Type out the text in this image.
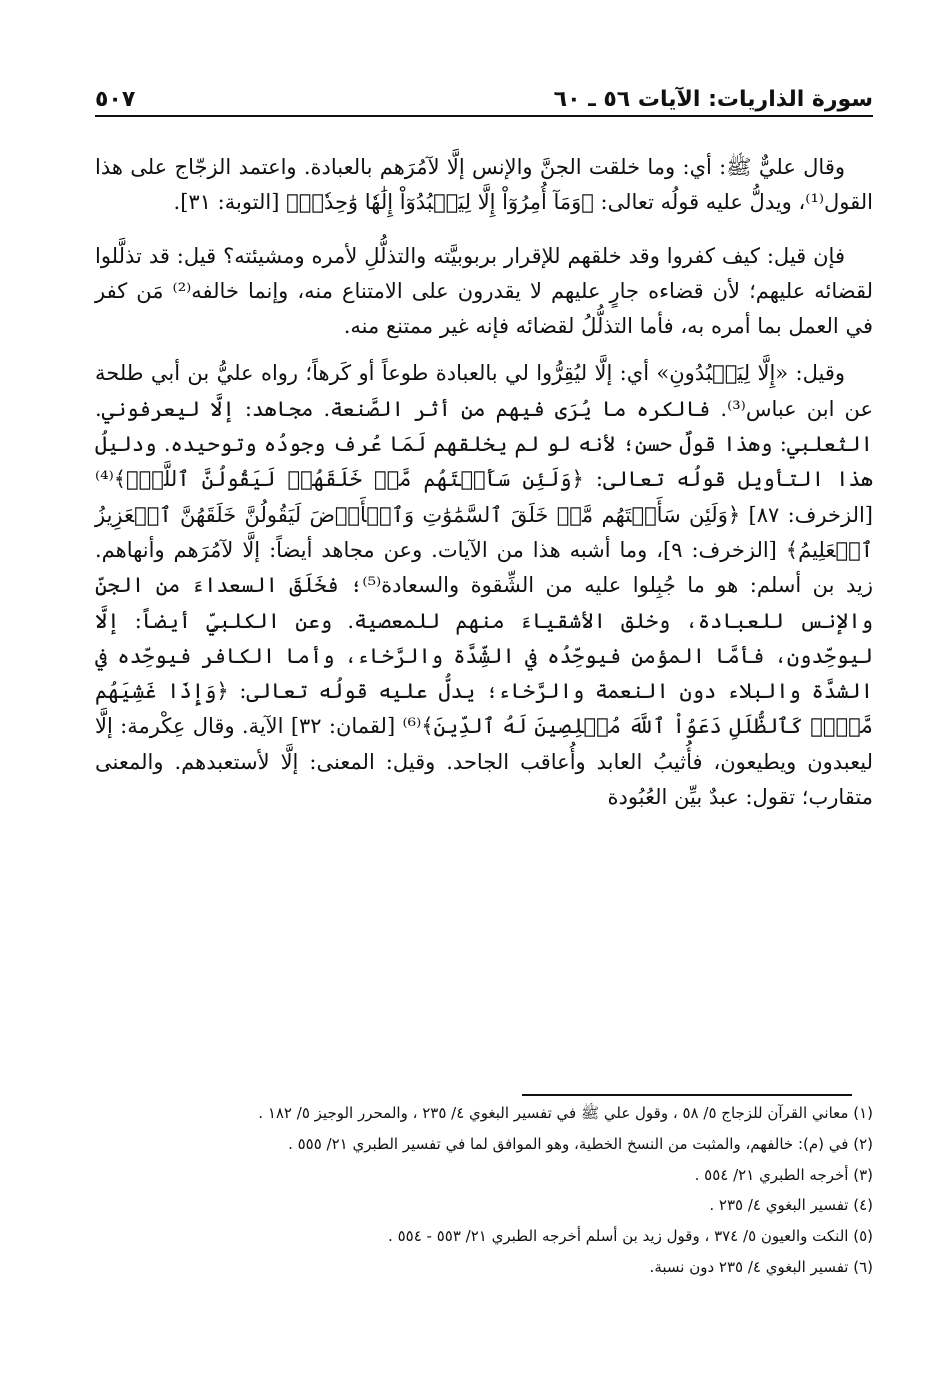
سورة الذاريات: الآيات ٥٦ ـ ٦٠
٥٠٧

وقال عليٌّ ﷺ: أي: وما خلقت الجنَّ والإنس إلَّا لآمُرَهم بالعبادة. واعتمد الزجّاج على هذا القول⁽¹⁾، ويدلُّ عليه قولُه تعالى: ﴿وَمَآ أُمِرُوٓاْ إِلَّا لِيَعۡبُدُوٓاْ إِلَٰهٗا وَٰحِدٗاۖ﴾ [التوبة: ٣١].

فإن قيل: كيف كفروا وقد خلقهم للإقرار بربوبيَّته والتذلُّلِ لأمره ومشيئته؟ قيل: قد تذلَّلوا لقضائه عليهم؛ لأن قضاءه جارٍ عليهم لا يقدرون على الامتناع منه، وإنما خالفه⁽²⁾ مَن كفر في العمل بما أمره به، فأما التذلُّلُ لقضائه فإنه غير ممتنع منه.

وقيل: «إِلَّا لِيَعۡبُدُونِ» أي: إلَّا ليُقِرُّوا لي بالعبادة طوعاً أو كَرهاً؛ رواه عليُّ بن أبي طلحة عن ابن عباس⁽³⁾. فالكره ما يُرَى فيهم من أثر الصَّنعة. مجاهد: إلَّا ليعرفوني. الثعلبي: وهذا قولٌ حسن؛ لأنه لو لم يخلقهم لَمَا عُرف وجودُه وتوحيده. ودليلُ هذا التأويل قولُه تعالى: ﴿وَلَئِن سَأَلۡتَهُم مَّنۡ خَلَقَهُمۡ لَيَقُولُنَّ ٱللَّهُۖ﴾⁽⁴⁾ [الزخرف: ٨٧] ﴿وَلَئِن سَأَلۡتَهُم مَّنۡ خَلَقَ ٱلسَّمَٰوَٰتِ وَٱلۡأَرۡضَ لَيَقُولُنَّ خَلَقَهُنَّ ٱلۡعَزِيزُ ٱلۡعَلِيمُ﴾ [الزخرف: ٩]، وما أشبه هذا من الآيات. وعن مجاهد أيضاً: إلَّا لآمُرَهم وأنهاهم. زيد بن أسلم: هو ما جُبِلوا عليه من الشِّقوة والسعادة⁽⁵⁾؛ فخَلَقَ السعداءَ من الجنِّ والإنس للعبادة، وخلق الأشقياءَ منهم للمعصية. وعن الكلبيِّ أيضاً: إلَّا ليوحِّدون، فأمَّا المؤمن فيوحِّدُه في الشِّدَّة والرَّخاء، وأما الكافر فيوحِّده في الشدَّة والبلاء دون النعمة والرَّخاء؛ يدلُّ عليه قولُه تعالى: ﴿وَإِذَا غَشِيَهُم مَّوۡجٞ كَٱلظُّلَلِ دَعَوُاْ ٱللَّهَ مُخۡلِصِينَ لَهُ ٱلدِّينَ﴾⁽⁶⁾ [لقمان: ٣٢] الآية. وقال عِكْرمة: إلَّا ليعبدون ويطيعون، فأُثيبُ العابد وأُعاقب الجاحد. وقيل: المعنى: إلَّا لأستعبدهم. والمعنى متقارب؛ تقول: عبدٌ بيِّن العُبُودة

(١) معاني القرآن للزجاج ٥/ ٥٨ ، وقول علي ﷺ في تفسير البغوي ٤/ ٢٣٥ ، والمحرر الوجيز ٥/ ١٨٢ .
(٢) في (م): خالفهم، والمثبت من النسخ الخطية، وهو الموافق لما في تفسير الطبري ٢١/ ٥٥٥ .
(٣) أخرجه الطبري ٢١/ ٥٥٤ .
(٤) تفسير البغوي ٤/ ٢٣٥ .
(٥) النكت والعيون ٥/ ٣٧٤ ، وقول زيد بن أسلم أخرجه الطبري ٢١/ ٥٥٣ - ٥٥٤ .
(٦) تفسير البغوي ٤/ ٢٣٥ دون نسبة.
